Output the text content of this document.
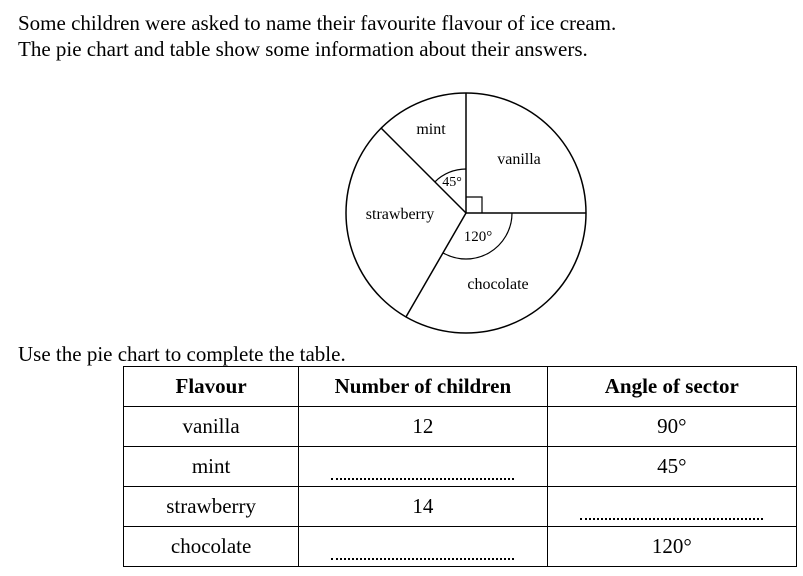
Some children were asked to name their favourite flavour of ice cream.
The pie chart and table show some information about their answers.
mint
vanilla
strawberry
chocolate
45°
120°
Use the pie chart to complete the table.
Flavour	Number of children	Angle of sector
vanilla	12	90°
mint		45°
strawberry	14	
chocolate		120°
